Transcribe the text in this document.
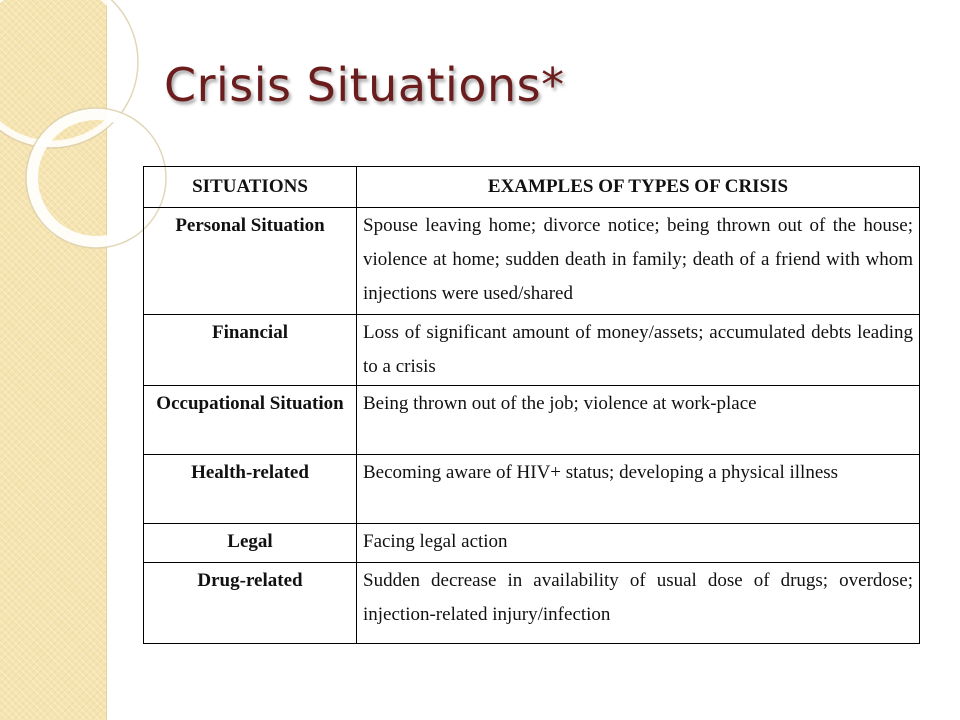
Crisis Situations*
SITUATIONS	EXAMPLES OF TYPES OF CRISIS
Personal Situation	Spouse leaving home; divorce notice; being thrown out of the house; violence at home; sudden death in family; death of a friend with whom injections were used/shared
Financial	Loss of significant amount of money/assets; accumulated debts leading to a crisis
Occupational Situation	Being thrown out of the job; violence at work-place
Health-related	Becoming aware of HIV+ status; developing a physical illness
Legal	Facing legal action
Drug-related	Sudden decrease in availability of usual dose of drugs; overdose; injection-related injury/infection
